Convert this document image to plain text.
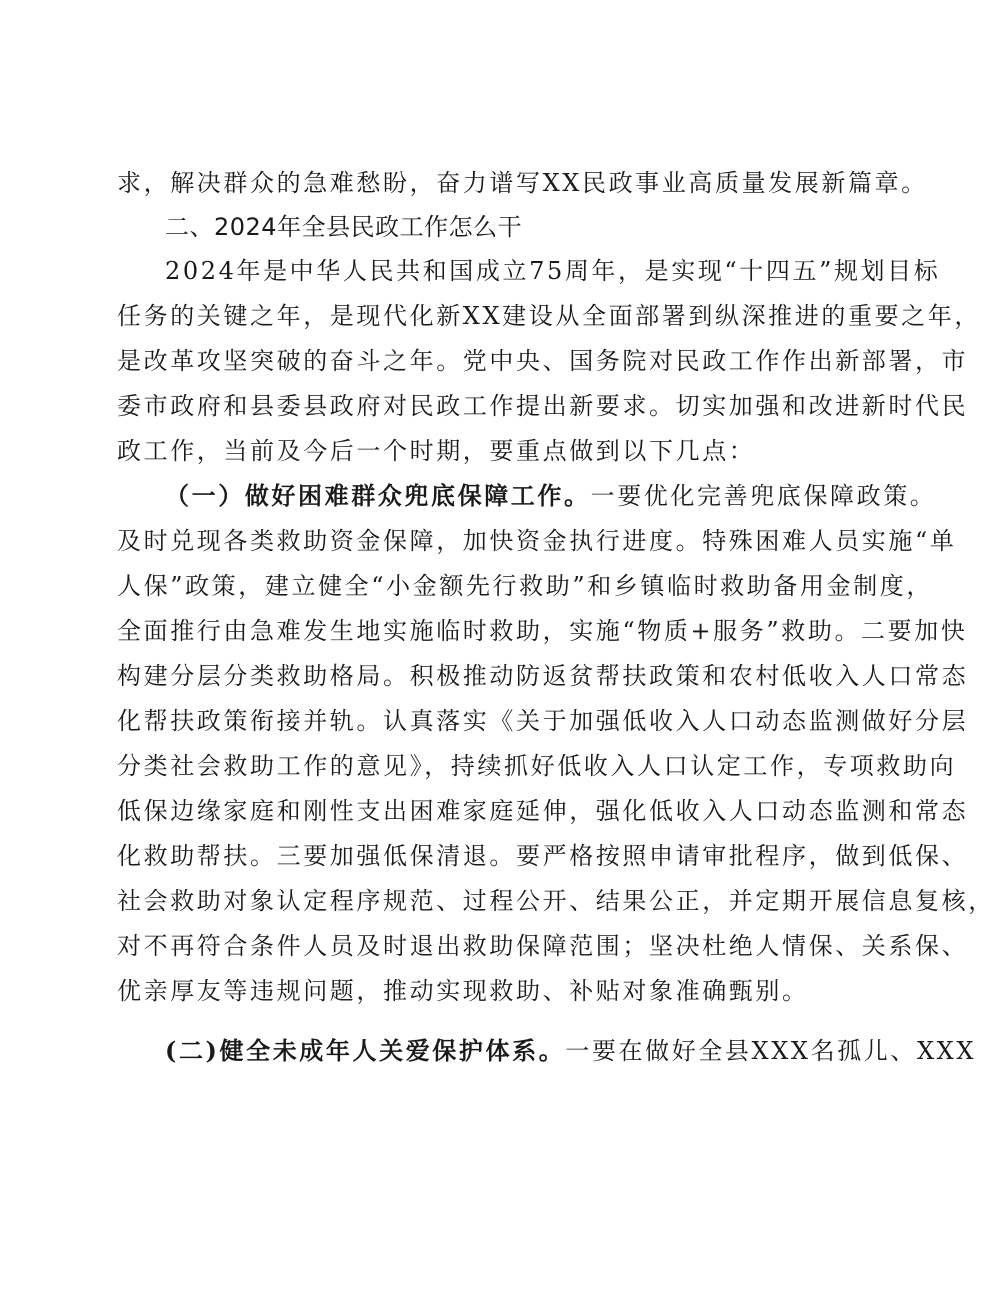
求，解决群众的急难愁盼，奋力谱写XX民政事业高质量发展新篇章。
二、2024年全县民政工作怎么干
2024年是中华人民共和国成立75周年，是实现“十四五”规划目标
任务的关键之年，是现代化新XX建设从全面部署到纵深推进的重要之年，
是改革攻坚突破的奋斗之年。党中央、国务院对民政工作作出新部署，市
委市政府和县委县政府对民政工作提出新要求。切实加强和改进新时代民
政工作，当前及今后一个时期，要重点做到以下几点：
（一）做好困难群众兜底保障工作。一要优化完善兜底保障政策。
及时兑现各类救助资金保障，加快资金执行进度。特殊困难人员实施“单
人保”政策，建立健全“小金额先行救助”和乡镇临时救助备用金制度，
全面推行由急难发生地实施临时救助，实施“物质+服务”救助。二要加快
构建分层分类救助格局。积极推动防返贫帮扶政策和农村低收入人口常态
化帮扶政策衔接并轨。认真落实《关于加强低收入人口动态监测做好分层
分类社会救助工作的意见》，持续抓好低收入人口认定工作，专项救助向
低保边缘家庭和刚性支出困难家庭延伸，强化低收入人口动态监测和常态
化救助帮扶。三要加强低保清退。要严格按照申请审批程序，做到低保、
社会救助对象认定程序规范、过程公开、结果公正，并定期开展信息复核，
对不再符合条件人员及时退出救助保障范围；坚决杜绝人情保、关系保、
优亲厚友等违规问题，推动实现救助、补贴对象准确甄别。
(二)健全未成年人关爱保护体系。一要在做好全县XXX名孤儿、XXX
